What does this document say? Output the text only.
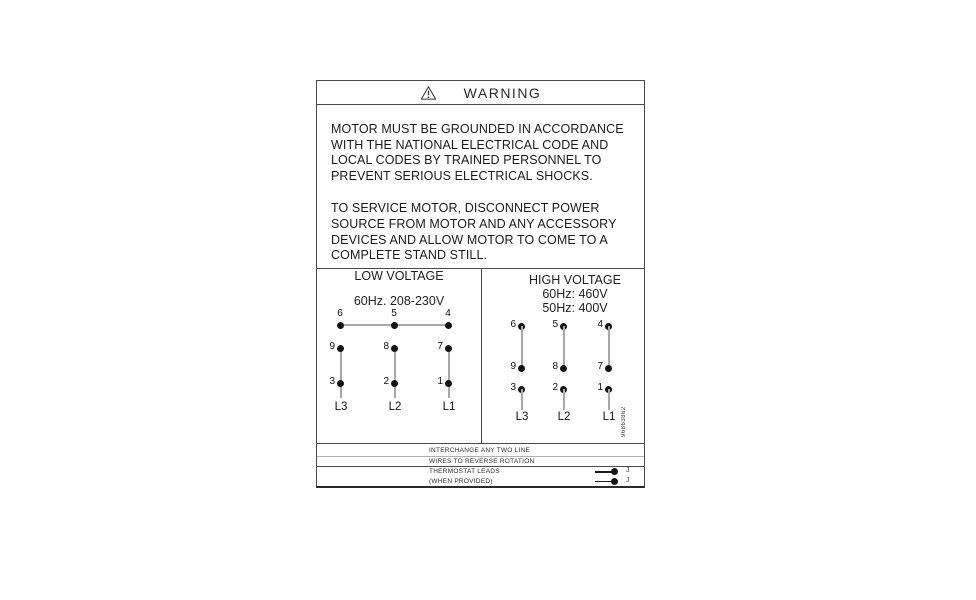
WARNING
MOTOR MUST BE GROUNDED IN ACCORDANCE
WITH THE NATIONAL ELECTRICAL CODE AND
LOCAL CODES BY TRAINED PERSONNEL TO
PREVENT SERIOUS ELECTRICAL SHOCKS.
TO SERVICE MOTOR, DISCONNECT POWER
SOURCE FROM MOTOR AND ANY ACCESSORY
DEVICES AND ALLOW MOTOR TO COME TO A
COMPLETE STAND STILL.
LOW VOLTAGE
60Hz. 208-230V
6	5	4
9	8	7
3	2	1
L3	L2	L1
HIGH VOLTAGE
60Hz: 460V
50Hz: 400V
6	5	4
9	8	7
3	2	1
L3	L2	L1 96863862
INTERCHANGE ANY TWO LINE
WIRES TO REVERSE ROTATION
THERMOSTAT LEADS	J
(WHEN PROVIDED)	J
